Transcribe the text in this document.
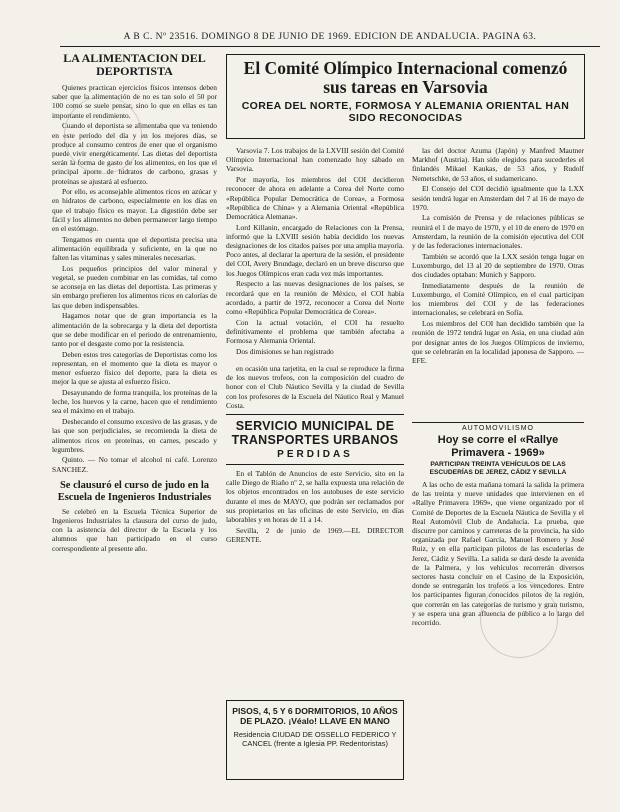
A B C. Nº 23516. DOMINGO 8 DE JUNIO DE 1969. EDICION DE ANDALUCIA. PAGINA 63.
LA ALIMENTACION DEL DEPORTISTA

Quienes practican ejercicios físicos intensos deben saber que la alimentación de no es tan solo el 50 por 100 como se suele pensar, sino lo que en ellas es tan importante el rendimiento.

Cuando el deportista se alimentaba que va teniendo en este período del día y en los mejores días, se produce al consumo centros de ener que el organismo puede vivir energéticamente. Las dietas del deportista serán la forma de gasto de los alimentos, en los que el principal aporte de hidratos de carbono, grasas y proteínas se ajustará al esfuerzo.

Por ello, es aconsejable alimentos ricos en azúcar y en hidratos de carbono, especialmente en los días en que el trabajo físico es mayor. La digestión debe ser fácil y los alimentos no deben permanecer largo tiempo en el estómago.

Tengamos en cuenta que el deportista precisa una alimentación equilibrada y suficiente, en la que no falten las vitaminas y sales minerales necesarias.

Los pequeños principios del valor mineral y vegetal, se pueden combinar en las comidas, tal como se aconseja en las dietas del deportista. Las primeras y sin embargo prefieren los alimentos ricos en calorías de las que deben indispensables.

Hagamos notar que de gran importancia es la alimentación de la sobrecarga y la dieta del deportista que se debe modificar en el periodo de entrenamiento, tanto por el desgaste como por la resistencia.

Deben estos tres categorías de Deportistas como los representan, en el momento que la dieta es mayor o menor esfuerzo físico del deporte, para la dieta es mejor la que se ajusta al esfuerzo físico.

Desayunando de forma tranquila, los proteínas de la leche, los huevos y la carne, hacen que el rendimiento sea el máximo en el trabajo.

Deshecando el consumo excesivo de las grasas, y de las que son perjudiciales, se recomienda la dieta de alimentos ricos en proteínas, en carnes, pescado y legumbres.

Quinto. — No tomar el alcohol ni café. Lorenzo SANCHEZ.

Se clausuró el curso de judo en la Escuela de Ingenieros Industriales

Se celebró en la Escuela Técnica Superior de Ingenieros Industriales la clausura del curso de judo, con la asistencia del director de la Escuela y los alumnos que han participado en el curso correspondiente al presente año.

El Comité Olímpico Internacional comenzó sus tareas en Varsovia
COREA DEL NORTE, FORMOSA Y ALEMANIA ORIENTAL HAN SIDO RECONOCIDAS

Varsovia 7. Los trabajos de la LXVIII sesión del Comité Olímpico Internacional han comenzado hoy sábado en Varsovia.

Por mayoría, los miembros del COI decidieron reconocer de ahora en adelante a Corea del Norte como «República Popular Democrática de Corea», a Formosa «República de China» y a Alemania Oriental «República Democrática Alemana».

Lord Killanin, encargado de Relaciones con la Prensa, informó que la LXVIII sesión había decidido los nuevas designaciones de los citados países por una amplia mayoría. Poco antes, al declarar la apertura de la sesión, el presidente del COI, Avery Brundage, declaró en un breve discurso que los Juegos Olímpicos eran cada vez más importantes.

Respecto a las nuevas designaciones de los países, se recordará que en la reunión de México, el COI había acordado, a partir de 1972, reconocer a Corea del Norte como «República Popular Democrática de Corea».

Con la actual votación, el COI ha resuelto definitivamente el problema que también afectaba a Formosa y Alemania Oriental.

Dos dimisiones se han registrado

las del doctor Azuma (Japón) y Manfred Mautner Markhof (Austria). Han sido elegidos para sucederles el finlandés Mikael Kaukas, de 53 años, y Rudolf Nemetschke, de 53 años, el sudamericano.

El Consejo del COI decidió igualmente que la LXX sesión tendrá lugar en Amsterdam del 7 al 16 de mayo de 1970.

La comisión de Prensa y de relaciones públicas se reunirá el 1 de mayo de 1970, y el 10 de enero de 1970 en Amsterdam, la reunión de la comisión ejecutiva del COI y de las federaciones internacionales.

También se acordó que la LXX sesión tenga lugar en Luxemburgo, del 13 al 20 de septiembre de 1970. Otras dos ciudades optaban: Munich y Sapporo.

Inmediatamente después de la reunión de Luxemburgo, el Comité Olímpico, en el cual participan los miembros del COI y de las federaciones internacionales, se celebrará en Sofía.

Los miembros del COI han decidido también que la reunión de 1972 tendrá lugar en Asia, en una ciudad aún por designar antes de los Juegos Olímpicos de invierno, que se celebrarán en la localidad japonesa de Sapporo. — EFE.

en ocasión una tarjetita, en la cual se reproduce la firma de los nuevos trofeos, con la composición del cuadro de honor con el Club Náutico Sevilla y la ciudad de Sevilla con los profesores de la Escuela del Náutico Real y Manuel Costa.

SERVICIO MUNICIPAL DE TRANSPORTES URBANOS
PERDIDAS

En el Tablón de Anuncios de este Servicio, sito en la calle Diego de Riaño nº 2, se halla expuesta una relación de los objetos encontrados en los autobuses de este servicio durante el mes de MAYO, que podrán ser reclamados por sus propietarios en las oficinas de este Servicio, en días laborables y en horas de 11 a 14.

Sevilla, 2 de junio de 1969.—EL DIRECTOR GERENTE.

PISOS, 4, 5 Y 6 DORMITORIOS, 10 AÑOS DE PLAZO. ¡Véalo! LLAVE EN MANO
Residencia CIUDAD DE OSSELLO FEDERICO Y CANCEL (frente a Iglesia PP. Redentoristas)
AUTOMOVILISMO
Hoy se corre el «Rallye Primavera - 1969»
PARTICIPAN TREINTA VEHÍCULOS DE LAS ESCUDERÍAS DE JEREZ, CÁDIZ Y SEVILLA

A las ocho de esta mañana tomará la salida la primera de las treinta y nueve unidades que intervienen en el «Rallye Primavera 1969», que viene organizado por el Comité de Deportes de la Escuela Náutica de Sevilla y el Real Automóvil Club de Andalucía. La prueba, que discurre por caminos y carreteras de la provincia, ha sido organizada por Rafael García, Manuel Romero y José Ruiz, y en ella participan pilotos de las escuderías de Jerez, Cádiz y Sevilla. La salida se dará desde la avenida de la Palmera, y los vehículos recorrerán diversos sectores hasta concluir en el Casino de la Exposición, donde se entregarán los trofeos a los vencedores. Entre los participantes figuran conocidos pilotos de la región, que correrán en las categorías de turismo y gran turismo, y se espera una gran afluencia de público a lo largo del recorrido.
